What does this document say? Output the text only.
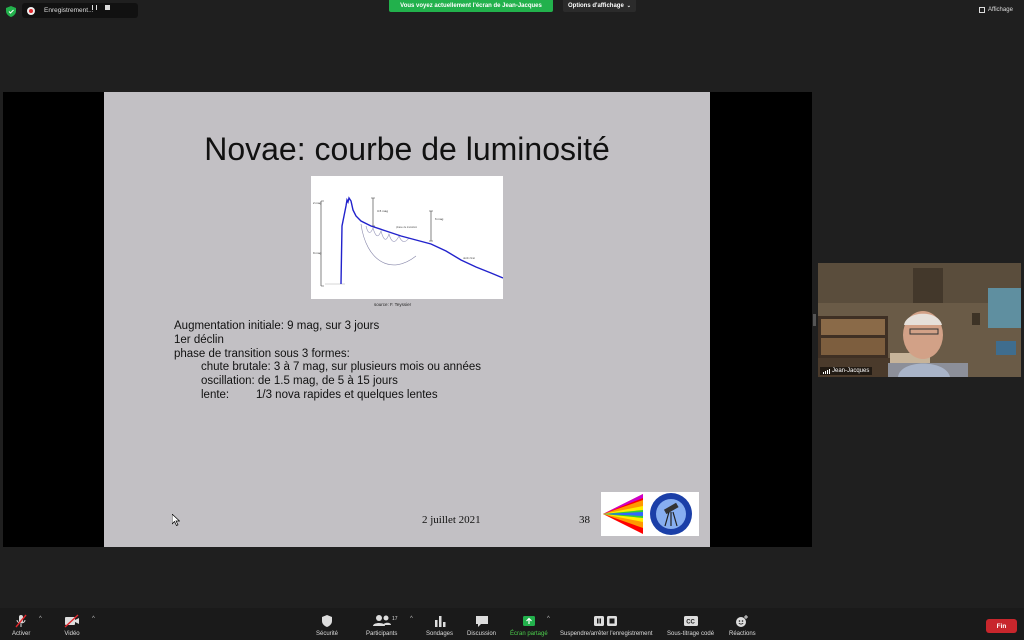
Enregistrement...
Vous voyez actuellement l'écran de Jean-Jacques	Options d'affichage ⌄
Affichage
Novae: courbe de luminosité
2 mag
9 mag
3-5 mag
6 mag
phase de transition
déclin final
source: F. Teyssier
Augmentation initiale: 9 mag, sur 3 jours
1er déclin
phase de transition sous 3 formes:
chute brutale: 3 à 7 mag, sur plusieurs mois ou années
oscillation: de 1.5 mag, de 5 à 15 jours
lente: 1/3 nova rapides et quelques lentes
2 juillet 2021	38
Jean-Jacques
Activer
^
Vidéo
^
Sécurité	Participants
17 ^
Sondages Discussion Écran partagé
^
Suspendre/arrêter l'enregistrement
CC
Sous-titrage codé Réactions
Fin
